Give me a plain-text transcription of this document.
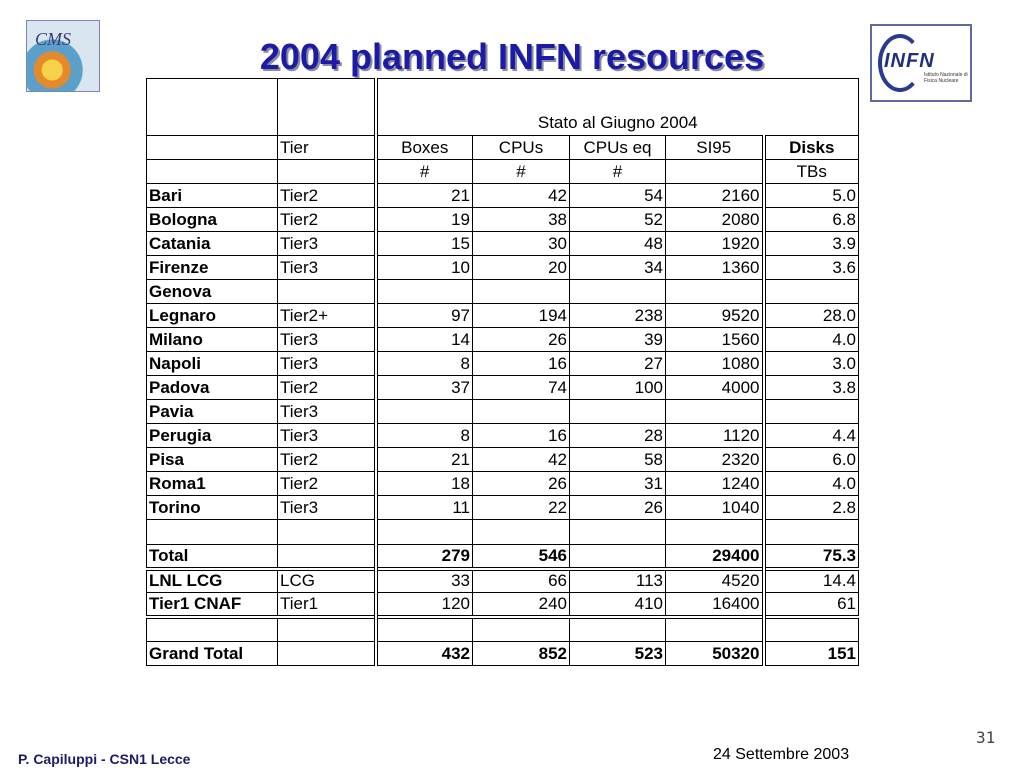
CMS	2004 planned INFN resources	INFN
Istituto Nazionale di Fisica Nucleare
		Stato al Giugno 2004				
	Tier	Boxes	CPUs	CPUs eq	SI95	Disks
		#	#	#		TBs
Bari	Tier2	21	42	54	2160	5.0
Bologna	Tier2	19	38	52	2080	6.8
Catania	Tier3	15	30	48	1920	3.9
Firenze	Tier3	10	20	34	1360	3.6
Genova						
Legnaro	Tier2+	97	194	238	9520	28.0
Milano	Tier3	14	26	39	1560	4.0
Napoli	Tier3	8	16	27	1080	3.0
Padova	Tier2	37	74	100	4000	3.8
Pavia	Tier3					
Perugia	Tier3	8	16	28	1120	4.4
Pisa	Tier2	21	42	58	2320	6.0
Roma1	Tier2	18	26	31	1240	4.0
Torino	Tier3	11	22	26	1040	2.8

Total		279	546		29400	75.3
LNL LCG	LCG	33	66	113	4520	14.4
Tier1 CNAF	Tier1	120	240	410	16400	61

Grand Total		432	852	523	50320	151
P. Capiluppi - CSN1 Lecce	24 Settembre 2003
31
